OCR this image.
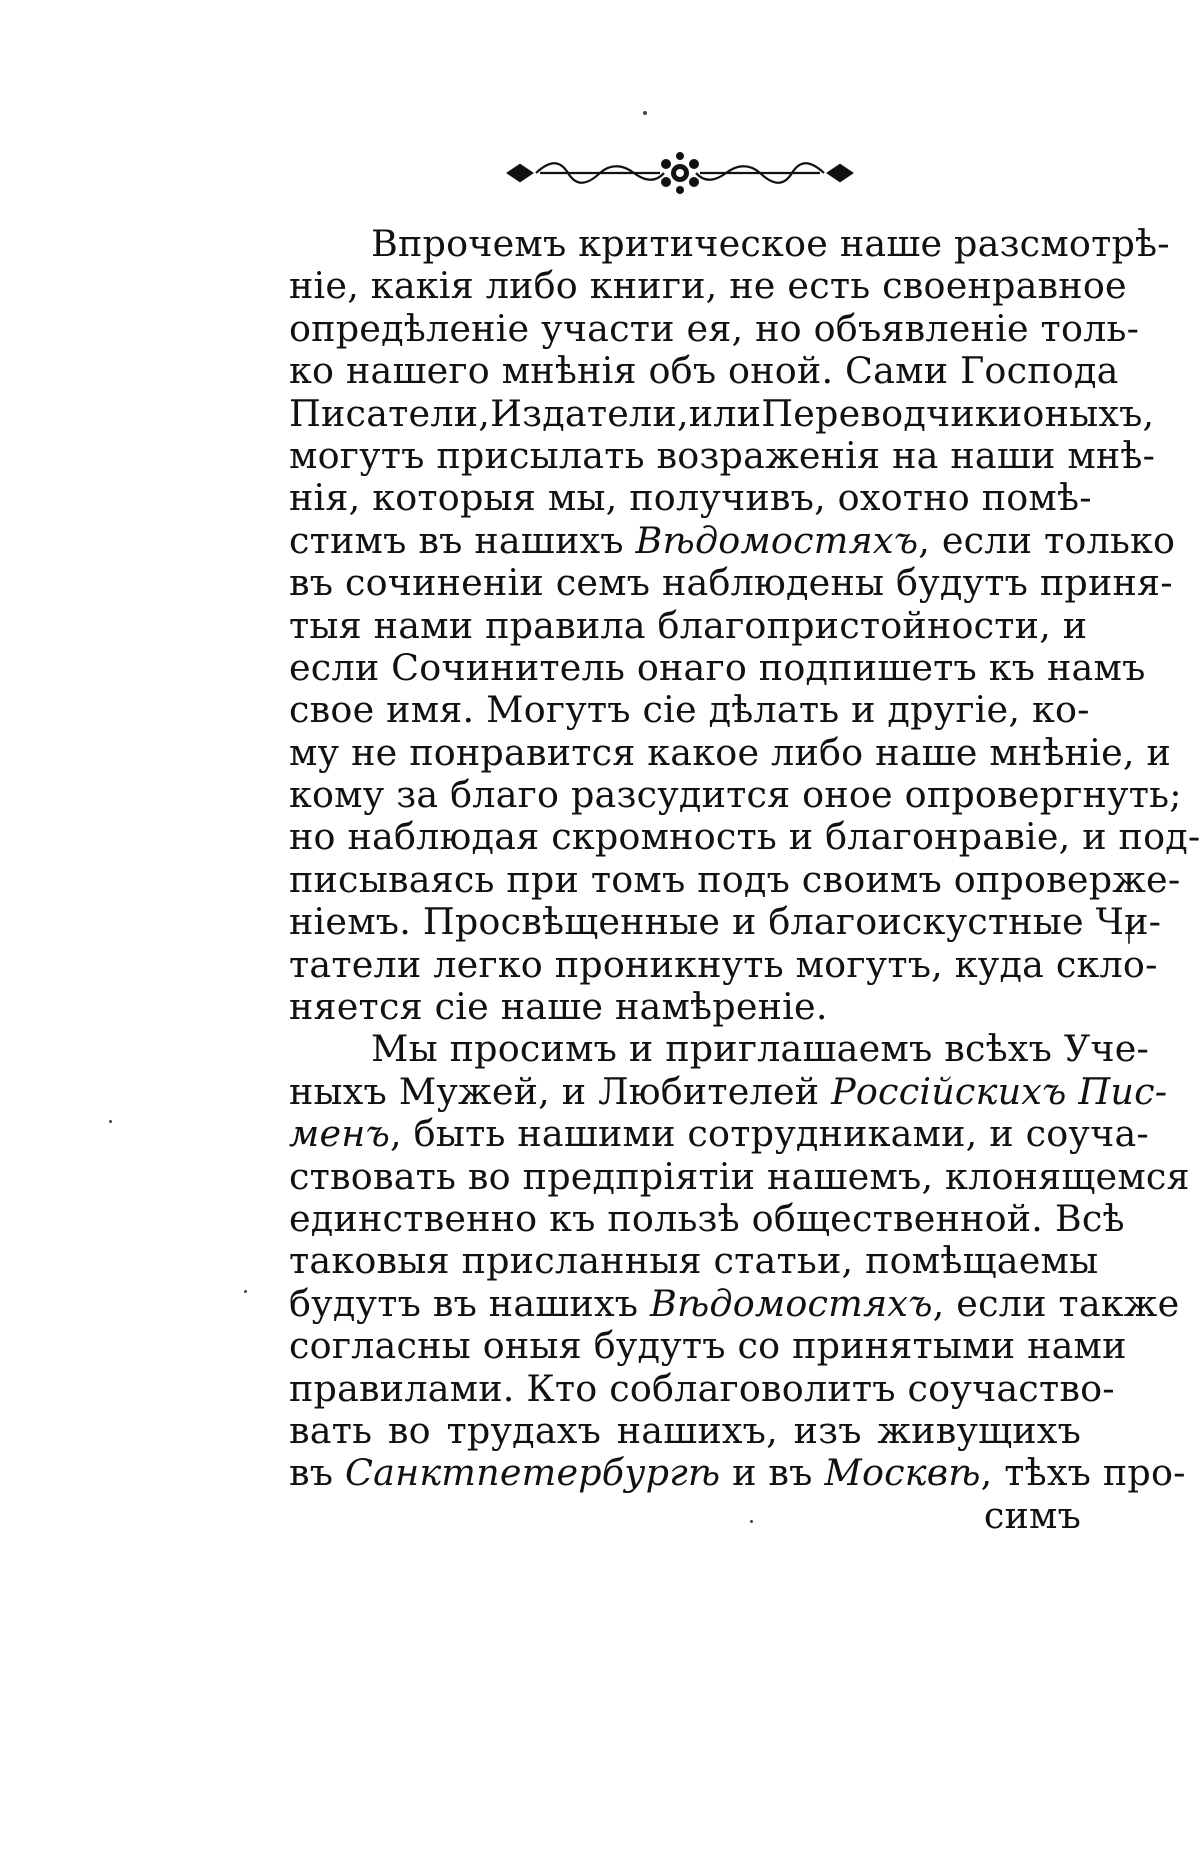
Впрочемъ критическое наше разсмотрѣ-
ніе, какія либо книги, не есть своенравное
опредѣленіе участи ея, но объявленіе толь-
ко нашего мнѣнія объ оной. Сами Господа
Писатели,Издатели,илиПереводчикионыхъ,
могутъ присылать возраженія на наши мнѣ-
нія, которыя мы, получивъ, охотно помѣ-
стимъ въ нашихъ Вѣдомостяхъ, если только
въ сочиненіи семъ наблюдены будутъ приня-
тыя нами правила благопристойности, и
если Сочинитель онаго подпишетъ къ намъ
свое имя. Могутъ сіе дѣлать и другіе, ко-
му не понравится какое либо наше мнѣніе, и
кому за благо разсудится оное опровергнуть;
но наблюдая скромность и благонравіе, и под-
писываясь при томъ подъ своимъ опроверже-
ніемъ. Просвѣщенные и благоискустные Чи-
татели легко проникнуть могутъ, куда скло-
няется сіе наше намѣреніе.
Мы просимъ и приглашаемъ всѣхъ Уче-
ныхъ Мужей, и Любителей Россійскихъ Пис-
менъ, быть нашими сотрудниками, и соуча-
ствовать во предпріятіи нашемъ, клонящемся
единственно къ пользѣ общественной. Всѣ
таковыя присланныя статьи, помѣщаемы
будутъ въ нашихъ Вѣдомостяхъ, если также
согласны оныя будутъ со принятыми нами
правилами. Кто соблаговолитъ соучаство-
вать во трудахъ нашихъ, изъ живущихъ
въ Санктпетербургѣ и въ Москвѣ, тѣхъ про-
симъ
